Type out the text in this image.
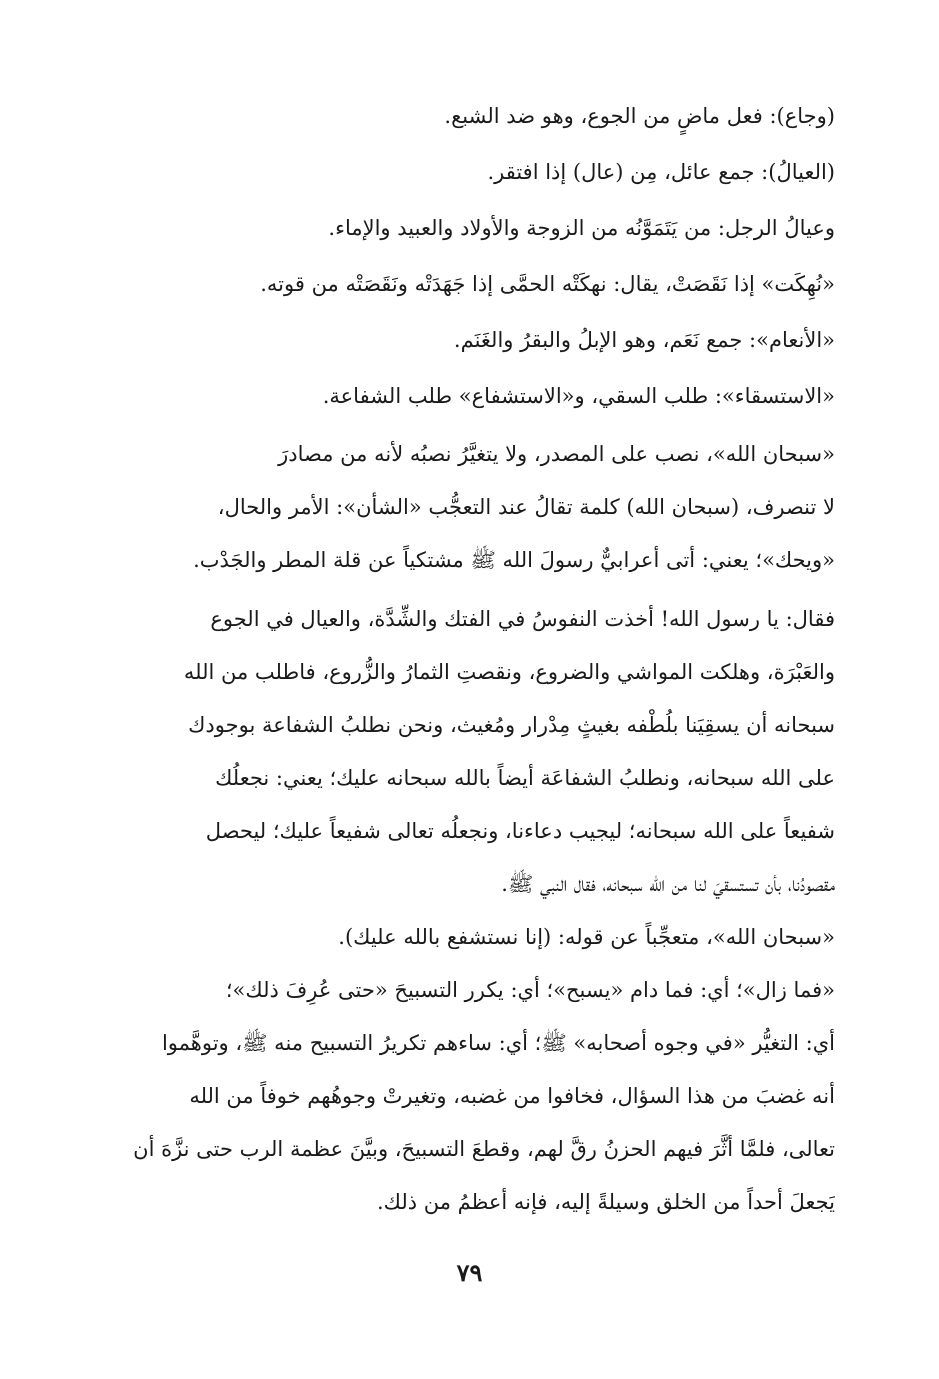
(وجاع): فعل ماضٍ من الجوع، وهو ضد الشبع.
(العيالُ): جمع عائل، مِن (عال) إذا افتقر.
وعيالُ الرجل: من يَتَمَوَّنُه من الزوجة والأولاد والعبيد والإماء.
«نُهِكَت» إذا نَقَصَتْ، يقال: نهكَتْه الحمَّى إذا جَهَدَتْه ونَقَصَتْه من قوته.
«الأنعام»: جمع نَعَم، وهو الإبلُ والبقرُ والغَنَم.
«الاستسقاء»: طلب السقي، و«الاستشفاع» طلب الشفاعة.
«سبحان الله»، نصب على المصدر، ولا يتغيَّرُ نصبُه لأنه من مصادرَ
لا تنصرف، (سبحان الله) كلمة تقالُ عند التعجُّب «الشأن»: الأمر والحال،
«ويحك»؛ يعني: أتى أعرابيٌّ رسولَ الله ﷺ مشتكياً عن قلة المطر والجَدْب.
فقال: يا رسول الله! أخذت النفوسُ في الفتك والشِّدَّة، والعيال في الجوع
والعَبْرَة، وهلكت المواشي والضروع، ونقصتِ الثمارُ والزُّروع، فاطلب من الله
سبحانه أن يسقِيَنا بلُطْفه بغيثٍ مِدْرار ومُغيث، ونحن نطلبُ الشفاعة بوجودك
على الله سبحانه، ونطلبُ الشفاعَة أيضاً بالله سبحانه عليك؛ يعني: نجعلُك
شفيعاً على الله سبحانه؛ ليجيب دعاءنا، ونجعلُه تعالى شفيعاً عليك؛ ليحصل
مقصودُنا، بأن تستسقيَ لنا من الله سبحانه، فقال النبي ﷺ.
«سبحان الله»، متعجِّباً عن قوله: (إنا نستشفع بالله عليك).
«فما زال»؛ أي: فما دام «يسبح»؛ أي: يكرر التسبيحَ «حتى عُرِفَ ذلك»؛
أي: التغيُّر «في وجوه أصحابه» ﷺ؛ أي: ساءهم تكريرُ التسبيح منه ﷺ، وتوهَّموا
أنه غضبَ من هذا السؤال، فخافوا من غضبه، وتغيرتْ وجوهُهم خوفاً من الله
تعالى، فلمَّا أثَّرَ فيهم الحزنُ رقَّ لهم، وقطعَ التسبيحَ، وبيَّنَ عظمة الرب حتى نزَّهَ أن
يَجعلَ أحداً من الخلق وسيلةً إليه، فإنه أعظمُ من ذلك.
٧٩
